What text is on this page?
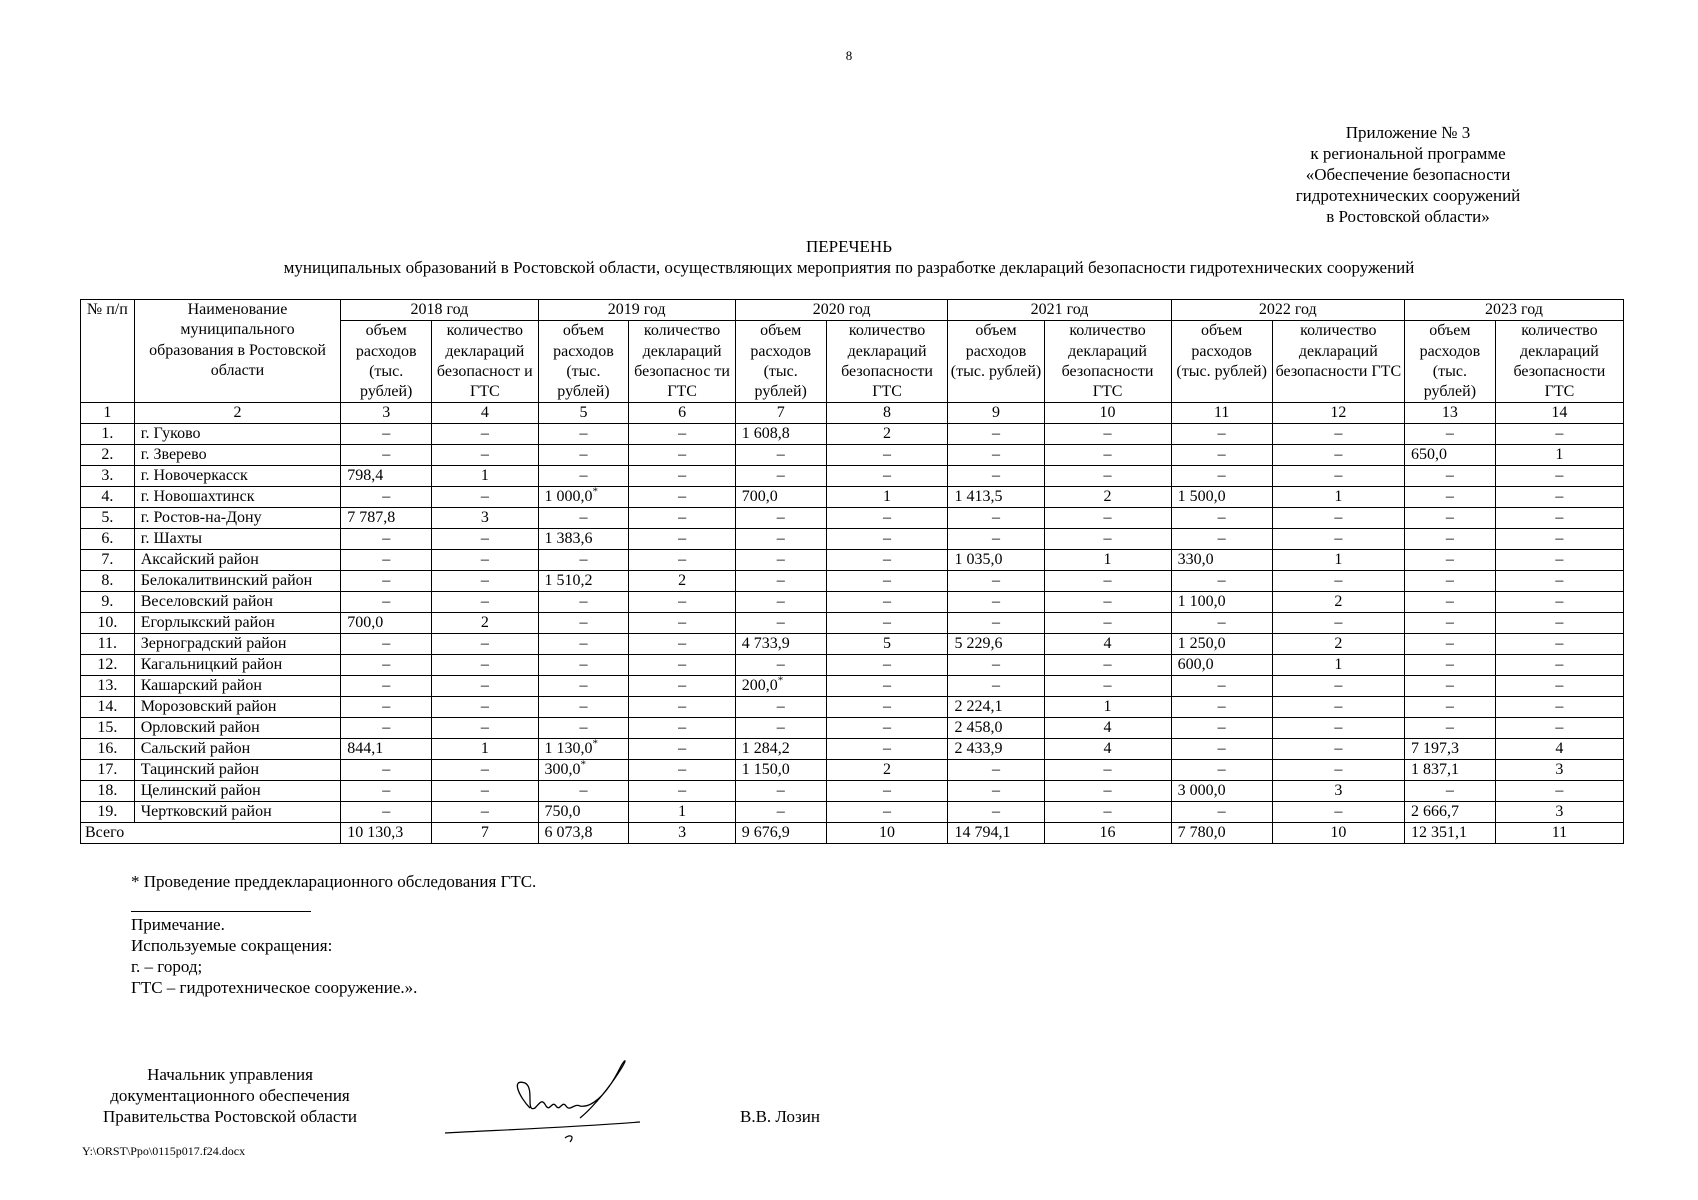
8
Приложение № 3
к региональной программе
«Обеспечение безопасности
гидротехнических сооружений
в Ростовской области»
ПЕРЕЧЕНЬ
муниципальных образований в Ростовской области, осуществляющих мероприятия по разработке деклараций безопасности гидротехнических сооружений
№ п/п	Наименование муниципального образования в Ростовской области	2018 год		2019 год		2020 год		2021 год		2022 год		2023 год	
		объем расходов (тыс. рублей)	количество деклараций безопасност и ГТС	объем расходов (тыс. рублей)	количество деклараций безопаснос ти ГТС	объем расходов (тыс. рублей)	количество деклараций безопасности ГТС	объем расходов (тыс. рублей)	количество деклараций безопасности ГТС	объем расходов (тыс. рублей)	количество деклараций безопасности ГТС	объем расходов (тыс. рублей)	количество деклараций безопасности ГТС
1	2	3	4	5	6	7	8	9	10	11	12	13	14
1.	г. Гуково	–	–	–	–	1 608,8	2	–	–	–	–	–	–
2.	г. Зверево	–	–	–	–	–	–	–	–	–	–	650,0	1
3.	г. Новочеркасск	798,4	1	–	–	–	–	–	–	–	–	–	–
4.	г. Новошахтинск	–	–	1 000,0*	–	700,0	1	1 413,5	2	1 500,0	1	–	–
5.	г. Ростов-на-Дону	7 787,8	3	–	–	–	–	–	–	–	–	–	–
6.	г. Шахты	–	–	1 383,6	–	–	–	–	–	–	–	–	–
7.	Аксайский район	–	–	–	–	–	–	1 035,0	1	330,0	1	–	–
8.	Белокалитвинский район	–	–	1 510,2	2	–	–	–	–	–	–	–	–
9.	Веселовский район	–	–	–	–	–	–	–	–	1 100,0	2	–	–
10.	Егорлыкский район	700,0	2	–	–	–	–	–	–	–	–	–	–
11.	Зерноградский район	–	–	–	–	4 733,9	5	5 229,6	4	1 250,0	2	–	–
12.	Кагальницкий район	–	–	–	–	–	–	–	–	600,0	1	–	–
13.	Кашарский район	–	–	–	–	200,0*	–	–	–	–	–	–	–
14.	Морозовский район	–	–	–	–	–	–	2 224,1	1	–	–	–	–
15.	Орловский район	–	–	–	–	–	–	2 458,0	4	–	–	–	–
16.	Сальский район	844,1	1	1 130,0*	–	1 284,2	–	2 433,9	4	–	–	7 197,3	4
17.	Тацинский район	–	–	300,0*	–	1 150,0	2	–	–	–	–	1 837,1	3
18.	Целинский район	–	–	–	–	–	–	–	–	3 000,0	3	–	–
19.	Чертковский район	–	–	750,0	1	–	–	–	–	–	–	2 666,7	3
Всего		10 130,3	7	6 073,8	3	9 676,9	10	14 794,1	16	7 780,0	10	12 351,1	11
* Проведение преддекларационного обследования ГТС.
Примечание.
Используемые сокращения:
г. – город;
ГТС – гидротехническое сооружение.».
Начальник управления
документационного обеспечения
Правительства Ростовской области	В.В. Лозин
Y:\ORST\Ppo\0115p017.f24.docx
